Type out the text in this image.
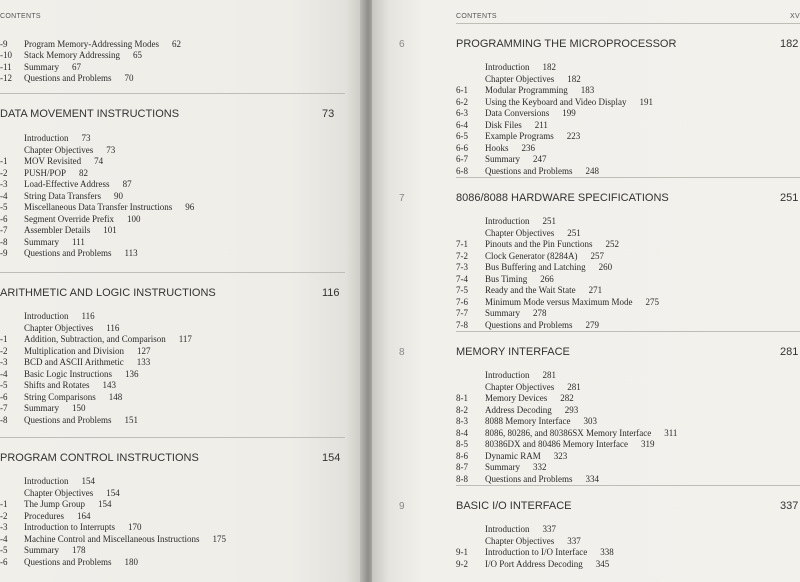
CONTENTS
-9 Program Memory-Addressing Modes 62
-10 Stack Memory Addressing 65
-11 Summary 67
-12 Questions and Problems 70
DATA MOVEMENT INSTRUCTIONS	73
Introduction 73
Chapter Objectives 73
-1 MOV Revisited 74
-2 PUSH/POP 82
-3 Load-Effective Address 87
-4 String Data Transfers 90
-5 Miscellaneous Data Transfer Instructions 96
-6 Segment Override Prefix 100
-7 Assembler Details 101
-8 Summary 111
-9 Questions and Problems 113
ARITHMETIC AND LOGIC INSTRUCTIONS	116
Introduction 116
Chapter Objectives 116
-1 Addition, Subtraction, and Comparison 117
-2 Multiplication and Division 127
-3 BCD and ASCII Arithmetic 133
-4 Basic Logic Instructions 136
-5 Shifts and Rotates 143
-6 String Comparisons 148
-7 Summary 150
-8 Questions and Problems 151
PROGRAM CONTROL INSTRUCTIONS	154
Introduction 154
Chapter Objectives 154
-1 The Jump Group 154
-2 Procedures 164
-3 Introduction to Interrupts 170
-4 Machine Control and Miscellaneous Instructions 175
-5 Summary 178
-6 Questions and Problems 180
CONTENTS	XV
6	PROGRAMMING THE MICROPROCESSOR	182
Introduction 182
Chapter Objectives 182
6-1 Modular Programming 183
6-2 Using the Keyboard and Video Display 191
6-3 Data Conversions 199
6-4 Disk Files 211
6-5 Example Programs 223
6-6 Hooks 236
6-7 Summary 247
6-8 Questions and Problems 248
7	8086/8088 HARDWARE SPECIFICATIONS	251
Introduction 251
Chapter Objectives 251
7-1 Pinouts and the Pin Functions 252
7-2 Clock Generator (8284A) 257
7-3 Bus Buffering and Latching 260
7-4 Bus Timing 266
7-5 Ready and the Wait State 271
7-6 Minimum Mode versus Maximum Mode 275
7-7 Summary 278
7-8 Questions and Problems 279
8	MEMORY INTERFACE	281
Introduction 281
Chapter Objectives 281
8-1 Memory Devices 282
8-2 Address Decoding 293
8-3 8088 Memory Interface 303
8-4 8086, 80286, and 80386SX Memory Interface 311
8-5 80386DX and 80486 Memory Interface 319
8-6 Dynamic RAM 323
8-7 Summary 332
8-8 Questions and Problems 334
9	BASIC I/O INTERFACE	337
Introduction 337
Chapter Objectives 337
9-1 Introduction to I/O Interface 338
9-2 I/O Port Address Decoding 345
